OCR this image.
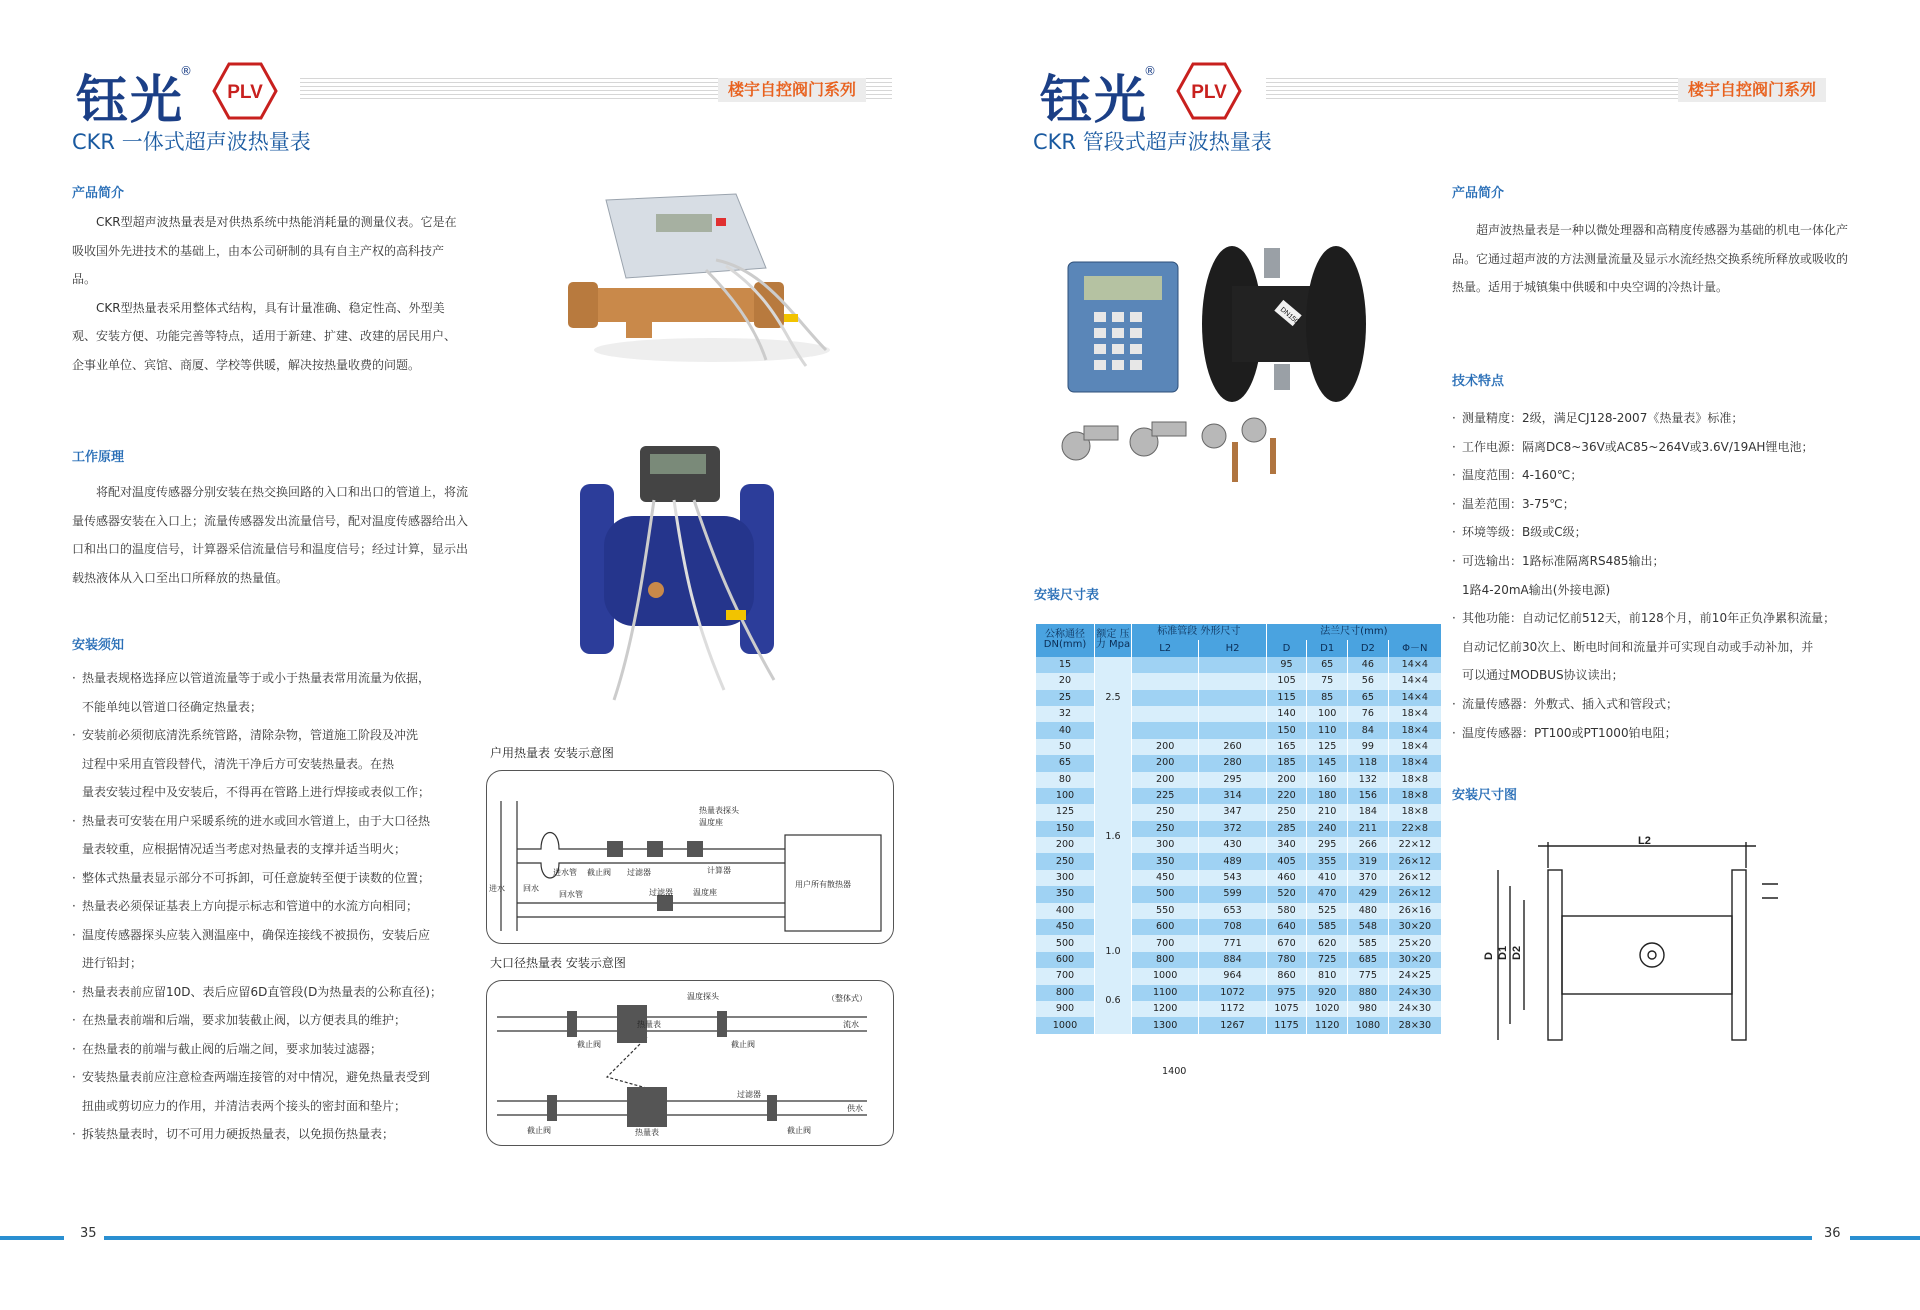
钰光
®
PLV	楼宇自控阀门系列
CKR 一体式超声波热量表
产品简介

CKR型超声波热量表是对供热系统中热能消耗量的测量仪表。它是在吸收国外先进技术的基础上，由本公司研制的具有自主产权的高科技产品。

CKR型热量表采用整体式结构，具有计量准确、稳定性高、外型美观、安装方便、功能完善等特点，适用于新建、扩建、改建的居民用户、企事业单位、宾馆、商厦、学校等供暖，解决按热量收费的问题。

工作原理

将配对温度传感器分别安装在热交换回路的入口和出口的管道上，将流量传感器安装在入口上；流量传感器发出流量信号，配对温度传感器给出入口和出口的温度信号，计算器采信流量信号和温度信号；经过计算，显示出载热液体从入口至出口所释放的热量值。

安装须知
· 热量表规格选择应以管道流量等于或小于热量表常用流量为依据，
不能单纯以管道口径确定热量表；
· 安装前必须彻底清洗系统管路，清除杂物，管道施工阶段及冲洗
过程中采用直管段替代，清洗干净后方可安装热量表。在热
量表安装过程中及安装后，不得再在管路上进行焊接或表似工作；
· 热量表可安装在用户采暖系统的进水或回水管道上，由于大口径热
量表较重，应根据情况适当考虑对热量表的支撑并适当明火；
· 整体式热量表显示部分不可拆卸，可任意旋转至便于读数的位置；
· 热量表必须保证基表上方向提示标志和管道中的水流方向相同；
· 温度传感器探头应装入测温座中，确保连接线不被损伤，安装后应
进行铅封；
· 热量表表前应留10D、表后应留6D直管段(D为热量表的公称直径)；
· 在热量表前端和后端，要求加装截止阀，以方便表具的维护；
· 在热量表的前端与截止阀的后端之间，要求加装过滤器；
· 安装热量表前应注意检查两端连接管的对中情况，避免热量表受到
扭曲或剪切应力的作用，并清洁表两个接头的密封面和垫片；
· 拆装热量表时，切不可用力硬扳热量表，以免损伤热量表；
户用热量表 安装示意图
热量表探头
温度座
计算器
进水管 截止阀 过滤器
回水管	过滤器	温度座
用户所有散热器
进水 回水
大口径热量表 安装示意图
（整体式）
温度探头
热量表
截止阀	截止阀
流水
过滤器
截止阀	截止阀
热量表
供水
35
钰光
®
PLV	楼宇自控阀门系列
CKR 管段式超声波热量表
DN150
产品简介

超声波热量表是一种以微处理器和高精度传感器为基础的机电一体化产品。它通过超声波的方法测量流量及显示水流经热交换系统所释放或吸收的热量。适用于城镇集中供暖和中央空调的冷热计量。

技术特点
安装尺寸表
安装尺寸图
36
· 测量精度：2级，满足CJ128-2007《热量表》标准；
· 工作电源：隔离DC8~36V或AC85~264V或3.6V/19AH锂电池；
· 温度范围：4-160℃；
· 温差范围：3-75℃；
· 环境等级：B级或C级；
· 可选输出：1路标准隔离RS485输出；
1路4-20mA输出(外接电源)
· 其他功能：自动记忆前512天，前128个月，前10年正负净累积流量；
自动记忆前30次上、断电时间和流量并可实现自动或手动补加，并
可以通过MODBUS协议读出；
· 流量传感器：外敷式、插入式和管段式；
· 温度传感器：PT100或PT1000铂电阻；
公称通径 DN(mm)	额定 压力 Mpa	标准管段 外形尺寸		法兰尺寸(mm)			
		L2	H2	D	D1	D2	Φ－N
15	2.5			95	65	46	14×4
20				105	75	56	14×4
25				115	85	65	14×4
32				140	100	76	18×4
40				150	110	84	18×4
50	1.6	200	260	165	125	99	18×4
65		200	280	185	145	118	18×4
80		200	295	200	160	132	18×8
100		225	314	220	180	156	18×8
125		250	347	250	210	184	18×8
150		250	372	285	240	211	22×8
200		300	430	340	295	266	22×12
250		350	489	405	355	319	26×12
300		450	543	460	410	370	26×12
350		500	599	520	470	429	26×12
400		550	653	580	525	480	26×16
450		600	708	640	585	548	30×20
500	1.0	700	771	670	620	585	25×20
600		800	884	780	725	685	30×20
700	0.6	1000	964	860	810	775	24×25
800		1100	1072	975	920	880	24×30
900		1200	1172	1075	1020	980	24×30
1000		1300	1267	1175	1120	1080	28×30
1400
L2
D D1 D2
